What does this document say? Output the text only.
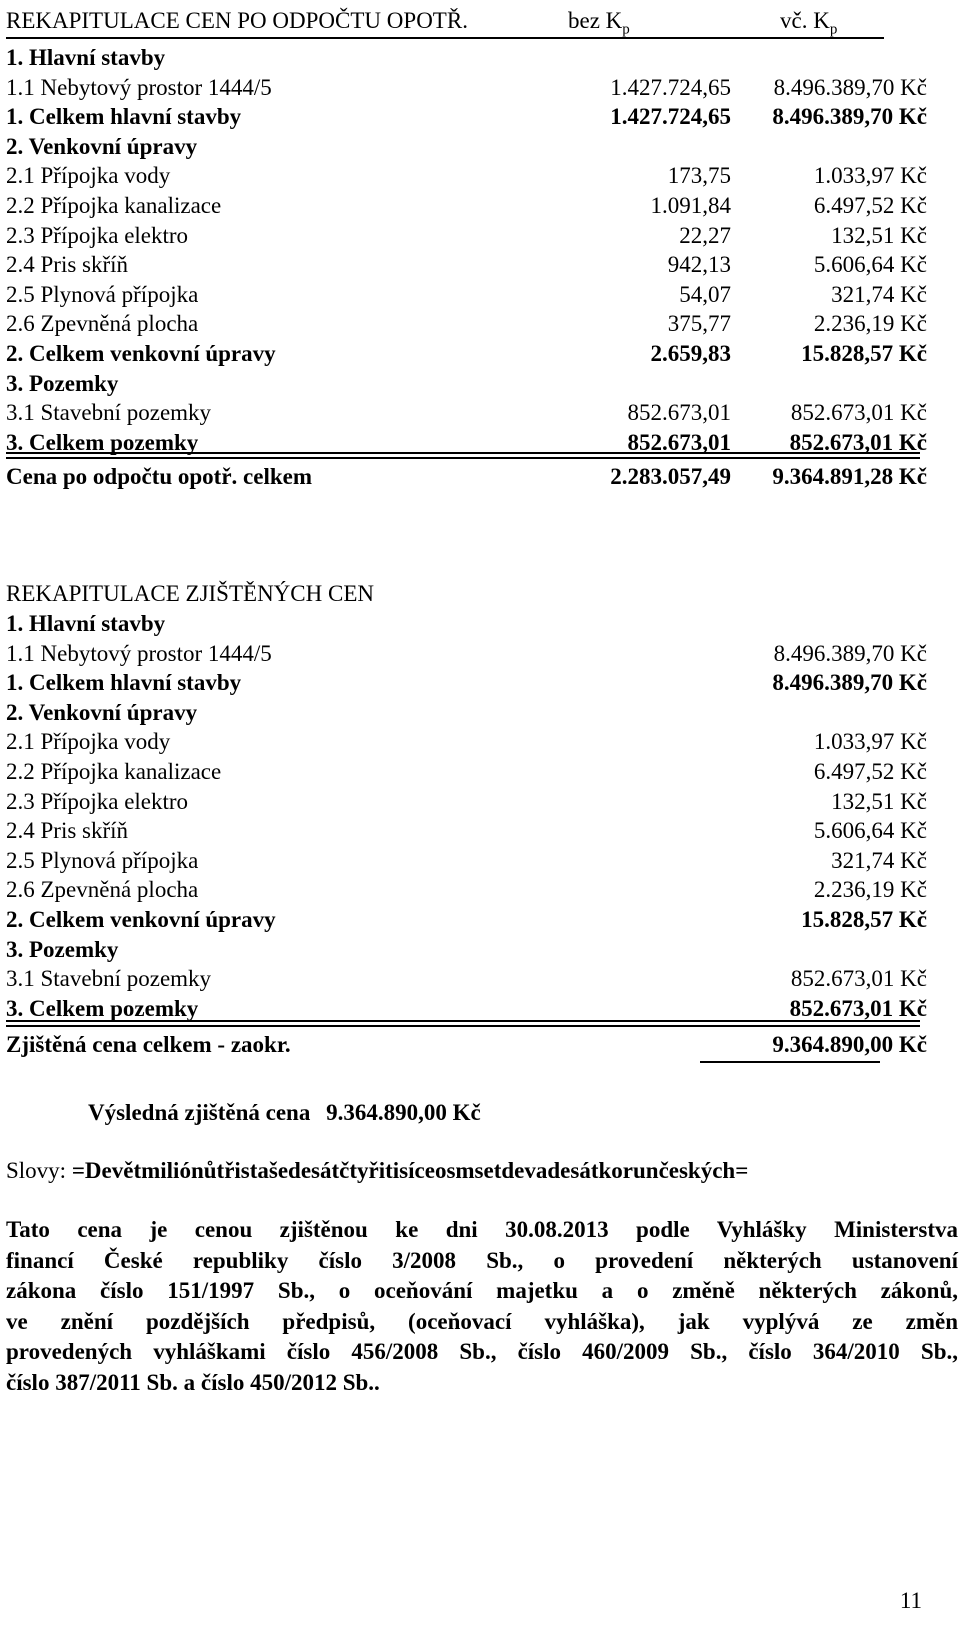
REKAPITULACE CEN PO ODPOČTU OPOTŘ.	bez $K_p$	vč. $K_p$
1. Hlavní stavby
1.1 Nebytový prostor 1444/5	1.427.724,65 8.496.389,70 Kč
1. Celkem hlavní stavby	1.427.724,65 8.496.389,70 Kč
2. Venkovní úpravy
2.1 Přípojka vody	173,75	1.033,97 Kč
2.2 Přípojka kanalizace	1.091,84	6.497,52 Kč
2.3 Přípojka elektro	22,27	132,51 Kč
2.4 Pris skříň	942,13	5.606,64 Kč
2.5 Plynová přípojka	54,07	321,74 Kč
2.6 Zpevněná plocha	375,77	2.236,19 Kč
2. Celkem venkovní úpravy	2.659,83	15.828,57 Kč
3. Pozemky
3.1 Stavební pozemky	852.673,01	852.673,01 Kč
3. Celkem pozemky	852.673,01	852.673,01 Kč
Cena po odpočtu opotř. celkem	2.283.057,49 9.364.891,28 Kč
REKAPITULACE ZJIŠTĚNÝCH CEN
1. Hlavní stavby
1.1 Nebytový prostor 1444/5	8.496.389,70 Kč
1. Celkem hlavní stavby	8.496.389,70 Kč
2. Venkovní úpravy
2.1 Přípojka vody	1.033,97 Kč
2.2 Přípojka kanalizace	6.497,52 Kč
2.3 Přípojka elektro	132,51 Kč
2.4 Pris skříň	5.606,64 Kč
2.5 Plynová přípojka	321,74 Kč
2.6 Zpevněná plocha	2.236,19 Kč
2. Celkem venkovní úpravy	15.828,57 Kč
3. Pozemky
3.1 Stavební pozemky	852.673,01 Kč
3. Celkem pozemky	852.673,01 Kč
Zjištěná cena celkem - zaokr.	9.364.890,00 Kč
Výsledná zjištěná cena 9.364.890,00 Kč
Slovy: =Devětmiliónůtřistašedesátčtyřitisíceosmsetdevadesátkorunčeských=
Tato cena je cenou zjištěnou ke dni 30.08.2013 podle Vyhlášky Ministerstva
financí České republiky číslo 3/2008 Sb., o provedení některých ustanovení
zákona číslo 151/1997 Sb., o oceňování majetku a o změně některých zákonů,
ve znění pozdějších předpisů, (oceňovací vyhláška), jak vyplývá ze změn
provedených vyhláškami číslo 456/2008 Sb., číslo 460/2009 Sb., číslo 364/2010 Sb.,
číslo 387/2011 Sb. a číslo 450/2012 Sb..
11
